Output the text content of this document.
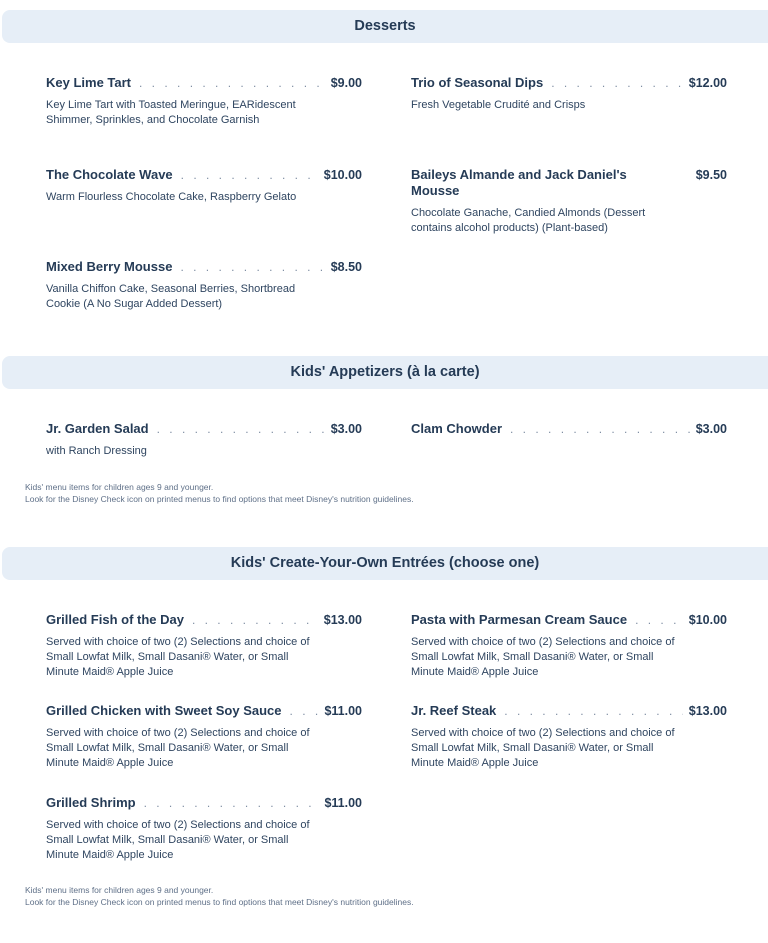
Desserts
Key Lime Tart . . .	$9.00
Key Lime Tart with Toasted Meringue, EARidescent Shimmer, Sprinkles, and Chocolate Garnish
Trio of Seasonal Dips . . .	$12.00
Fresh Vegetable Crudité and Crisps
The Chocolate Wave . . .	$10.00
Warm Flourless Chocolate Cake, Raspberry Gelato
Baileys Almande and Jack Daniel's Mousse
$9.50
Chocolate Ganache, Candied Almonds (Dessert contains alcohol products) (Plant-based)
Mixed Berry Mousse . . .	$8.50
Vanilla Chiffon Cake, Seasonal Berries, Shortbread Cookie (A No Sugar Added Dessert)
Kids' Appetizers (à la carte)
Jr. Garden Salad . . .	$3.00
with Ranch Dressing
Clam Chowder . . .	$3.00
Kids' menu items for children ages 9 and younger.
Look for the Disney Check icon on printed menus to find options that meet Disney's nutrition guidelines.
Kids' Create-Your-Own Entrées (choose one)
Grilled Fish of the Day . . .	$13.00
Served with choice of two (2) Selections and choice of Small Lowfat Milk, Small Dasani® Water, or Small Minute Maid® Apple Juice
Pasta with Parmesan Cream Sauce . . .	$10.00
Served with choice of two (2) Selections and choice of Small Lowfat Milk, Small Dasani® Water, or Small Minute Maid® Apple Juice
Grilled Chicken with Sweet Soy Sauce . . .	$11.00
Served with choice of two (2) Selections and choice of Small Lowfat Milk, Small Dasani® Water, or Small Minute Maid® Apple Juice
Jr. Reef Steak . . .	$13.00
Served with choice of two (2) Selections and choice of Small Lowfat Milk, Small Dasani® Water, or Small Minute Maid® Apple Juice
Grilled Shrimp . . .	$11.00
Served with choice of two (2) Selections and choice of Small Lowfat Milk, Small Dasani® Water, or Small Minute Maid® Apple Juice
Kids' menu items for children ages 9 and younger.
Look for the Disney Check icon on printed menus to find options that meet Disney's nutrition guidelines.
